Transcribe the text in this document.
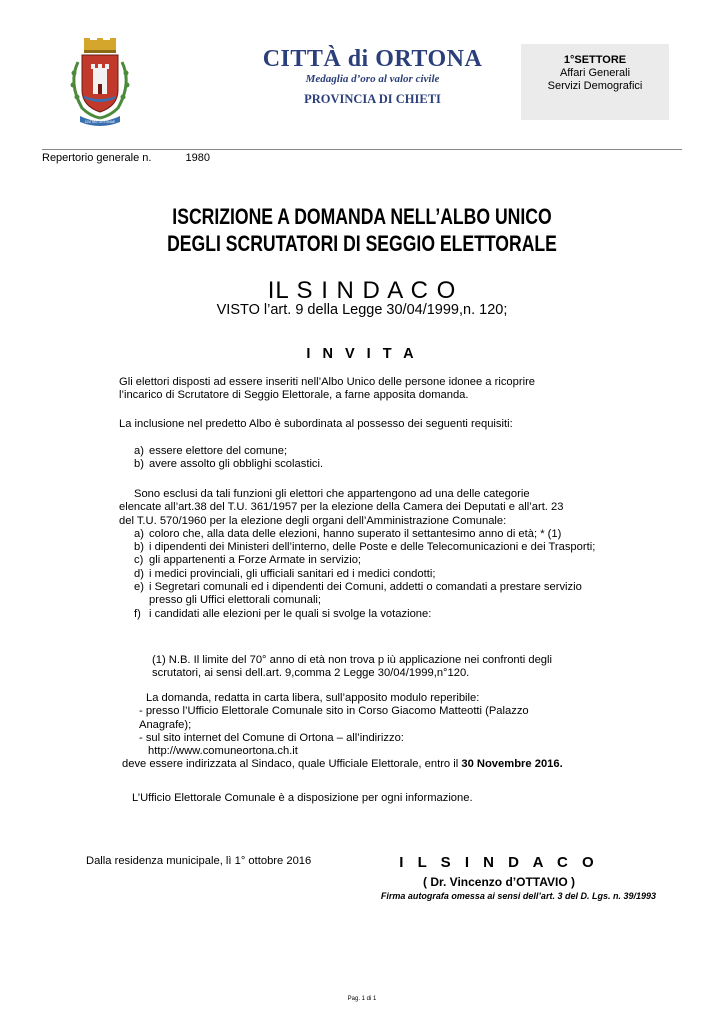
CIVITAS ORTONAE
CITTÀ di ORTONA
Medaglia d’oro al valor civile
PROVINCIA DI CHIETI
1°SETTORE
Affari Generali
Servizi Demografici
Repertorio generale n.	1980
ISCRIZIONE A DOMANDA NELL’ALBO UNICO
DEGLI SCRUTATORI DI SEGGIO ELETTORALE
IL S I N D A C O
VISTO l’art. 9 della Legge 30/04/1999,n. 120;
I N V I T A
Gli elettori disposti ad essere inseriti nell’Albo Unico delle persone idonee a ricoprire
l’incarico di Scrutatore di Seggio Elettorale, a farne apposita domanda.
La inclusione nel predetto Albo è subordinata al possesso dei seguenti requisiti:
a) essere elettore del comune;
b) avere assolto gli obblighi scolastici.
Sono esclusi da tali funzioni gli elettori che appartengono ad una delle categorie
elencate all’art.38 del T.U. 361/1957 per la elezione della Camera dei Deputati e all’art. 23
del T.U. 570/1960 per la elezione degli organi dell’Amministrazione Comunale:
a) coloro che, alla data delle elezioni, hanno superato il settantesimo anno di età; * (1)
b) i dipendenti dei Ministeri dell’interno, delle Poste e delle Telecomunicazioni e dei Trasporti;
c) gli appartenenti a Forze Armate in servizio;
d) i medici provinciali, gli ufficiali sanitari ed i medici condotti;
e) i Segretari comunali ed i dipendenti dei Comuni, addetti o comandati a prestare servizio presso gli Uffici elettorali comunali;
f) i candidati alle elezioni per le quali si svolge la votazione:
(1) N.B. Il limite del 70° anno di età non trova p iù applicazione nei confronti degli
scrutatori, ai sensi dell.art. 9,comma 2 Legge 30/04/1999,n°120.
La domanda, redatta in carta libera, sull’apposito modulo reperibile:
- presso l’Ufficio Elettorale Comunale sito in Corso Giacomo Matteotti (Palazzo
Anagrafe);
- sul sito internet del Comune di Ortona – all’indirizzo:
http://www.comuneortona.ch.it
deve essere indirizzata al Sindaco, quale Ufficiale Elettorale, entro il 30 Novembre 2016.
L’Ufficio Elettorale Comunale è a disposizione per ogni informazione.
Dalla residenza municipale, lì 1° ottobre 2016	I L S I N D A C O
( Dr. Vincenzo d’OTTAVIO )
Firma autografa omessa ai sensi dell’art. 3 del D. Lgs. n. 39/1993
Pag. 1 di 1
